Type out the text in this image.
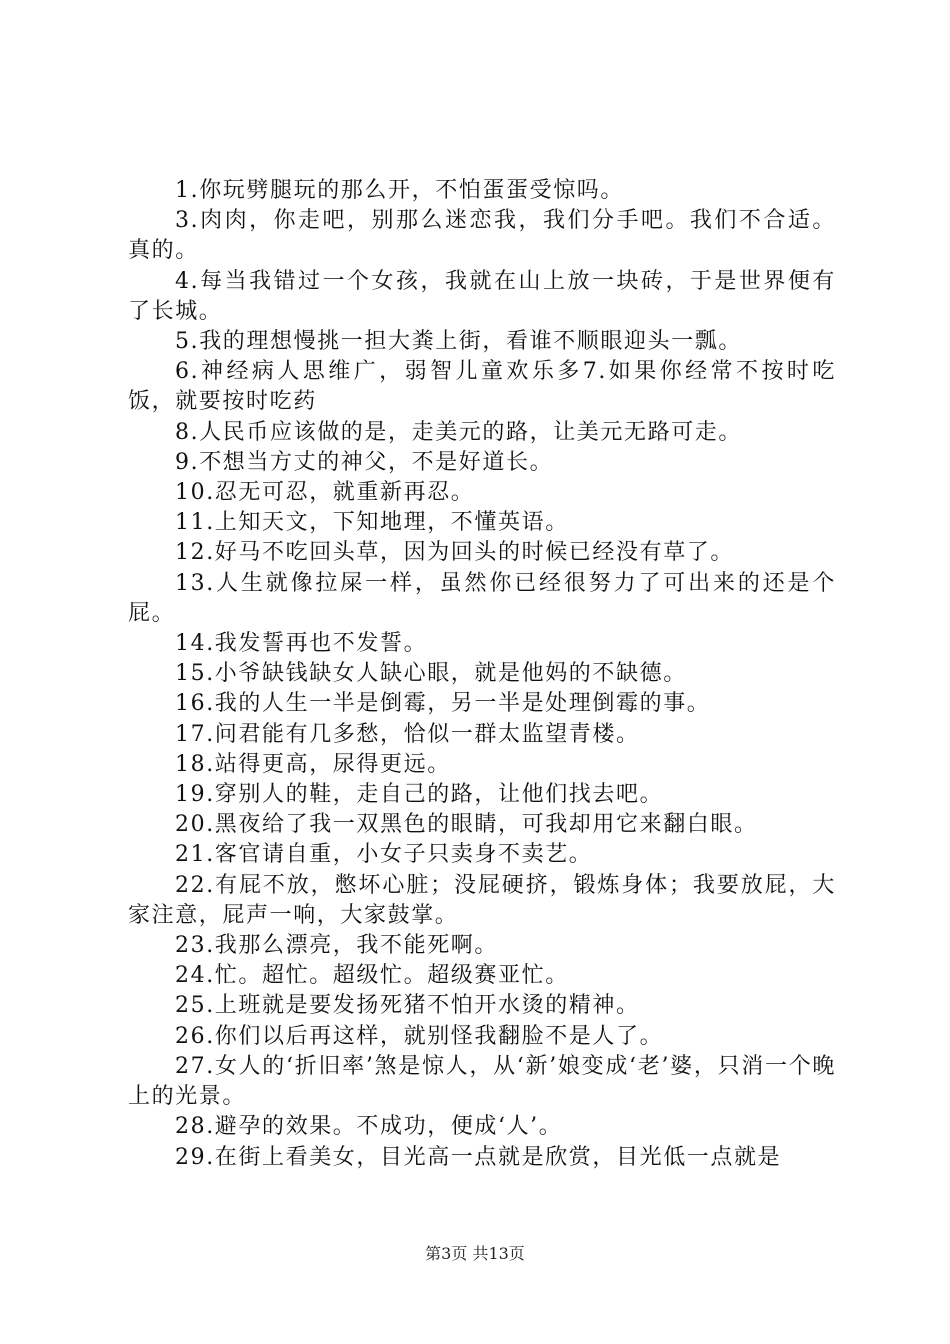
1.你玩劈腿玩的那么开，不怕蛋蛋受惊吗。

3.肉肉，你走吧，别那么迷恋我，我们分手吧。我们不合适。真的。

4.每当我错过一个女孩，我就在山上放一块砖，于是世界便有了长城。

5.我的理想慢挑一担大粪上街，看谁不顺眼迎头一瓢。

6.神经病人思维广，弱智儿童欢乐多7.如果你经常不按时吃饭，就要按时吃药

8.人民币应该做的是，走美元的路，让美元无路可走。

9.不想当方丈的神父，不是好道长。

10.忍无可忍，就重新再忍。

11.上知天文，下知地理，不懂英语。

12.好马不吃回头草，因为回头的时候已经没有草了。

13.人生就像拉屎一样，虽然你已经很努力了可出来的还是个屁。

14.我发誓再也不发誓。

15.小爷缺钱缺女人缺心眼，就是他妈的不缺德。

16.我的人生一半是倒霉，另一半是处理倒霉的事。

17.问君能有几多愁，恰似一群太监望青楼。

18.站得更高，尿得更远。

19.穿别人的鞋，走自己的路，让他们找去吧。

20.黑夜给了我一双黑色的眼睛，可我却用它来翻白眼。

21.客官请自重，小女子只卖身不卖艺。

22.有屁不放，憋坏心脏；没屁硬挤，锻炼身体；我要放屁，大家注意，屁声一响，大家鼓掌。

23.我那么漂亮，我不能死啊。

24.忙。超忙。超级忙。超级赛亚忙。

25.上班就是要发扬死猪不怕开水烫的精神。

26.你们以后再这样，就别怪我翻脸不是人了。

27.女人的‘折旧率’煞是惊人，从‘新’娘变成‘老’婆，只消一个晚上的光景。

28.避孕的效果。不成功，便成‘人’。

29.在街上看美女，目光高一点就是欣赏，目光低一点就是

第3页 共13页
